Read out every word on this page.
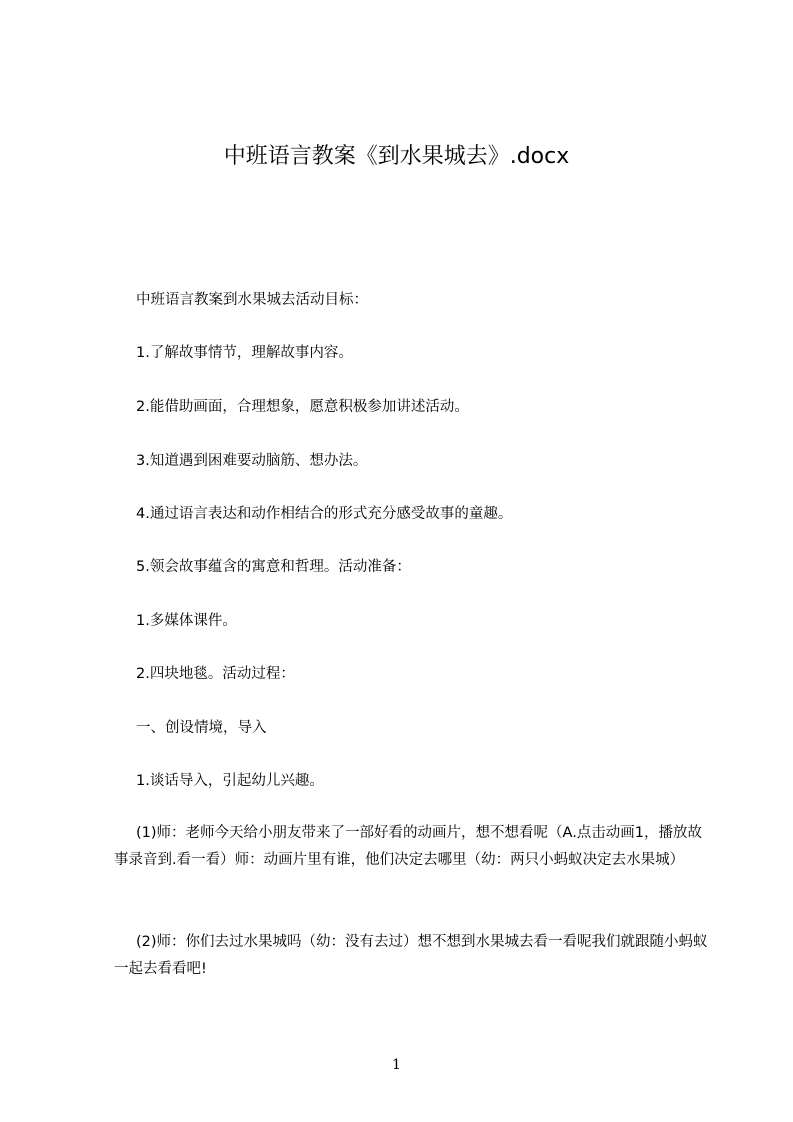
中班语言教案《到水果城去》.docx
中班语言教案到水果城去活动目标：
1.了解故事情节，理解故事内容。
2.能借助画面，合理想象，愿意积极参加讲述活动。
3.知道遇到困难要动脑筋、想办法。
4.通过语言表达和动作相结合的形式充分感受故事的童趣。
5.领会故事蕴含的寓意和哲理。活动准备：
1.多媒体课件。
2.四块地毯。活动过程：
一、创设情境，导入
1.谈话导入，引起幼儿兴趣。
(1)师：老师今天给小朋友带来了一部好看的动画片，想不想看呢（A.点击动画1，播放故事录音到.看一看）师：动画片里有谁，他们决定去哪里（幼：两只小蚂蚁决定去水果城）
(2)师：你们去过水果城吗（幼：没有去过）想不想到水果城去看一看呢我们就跟随小蚂蚁一起去看看吧!
1
